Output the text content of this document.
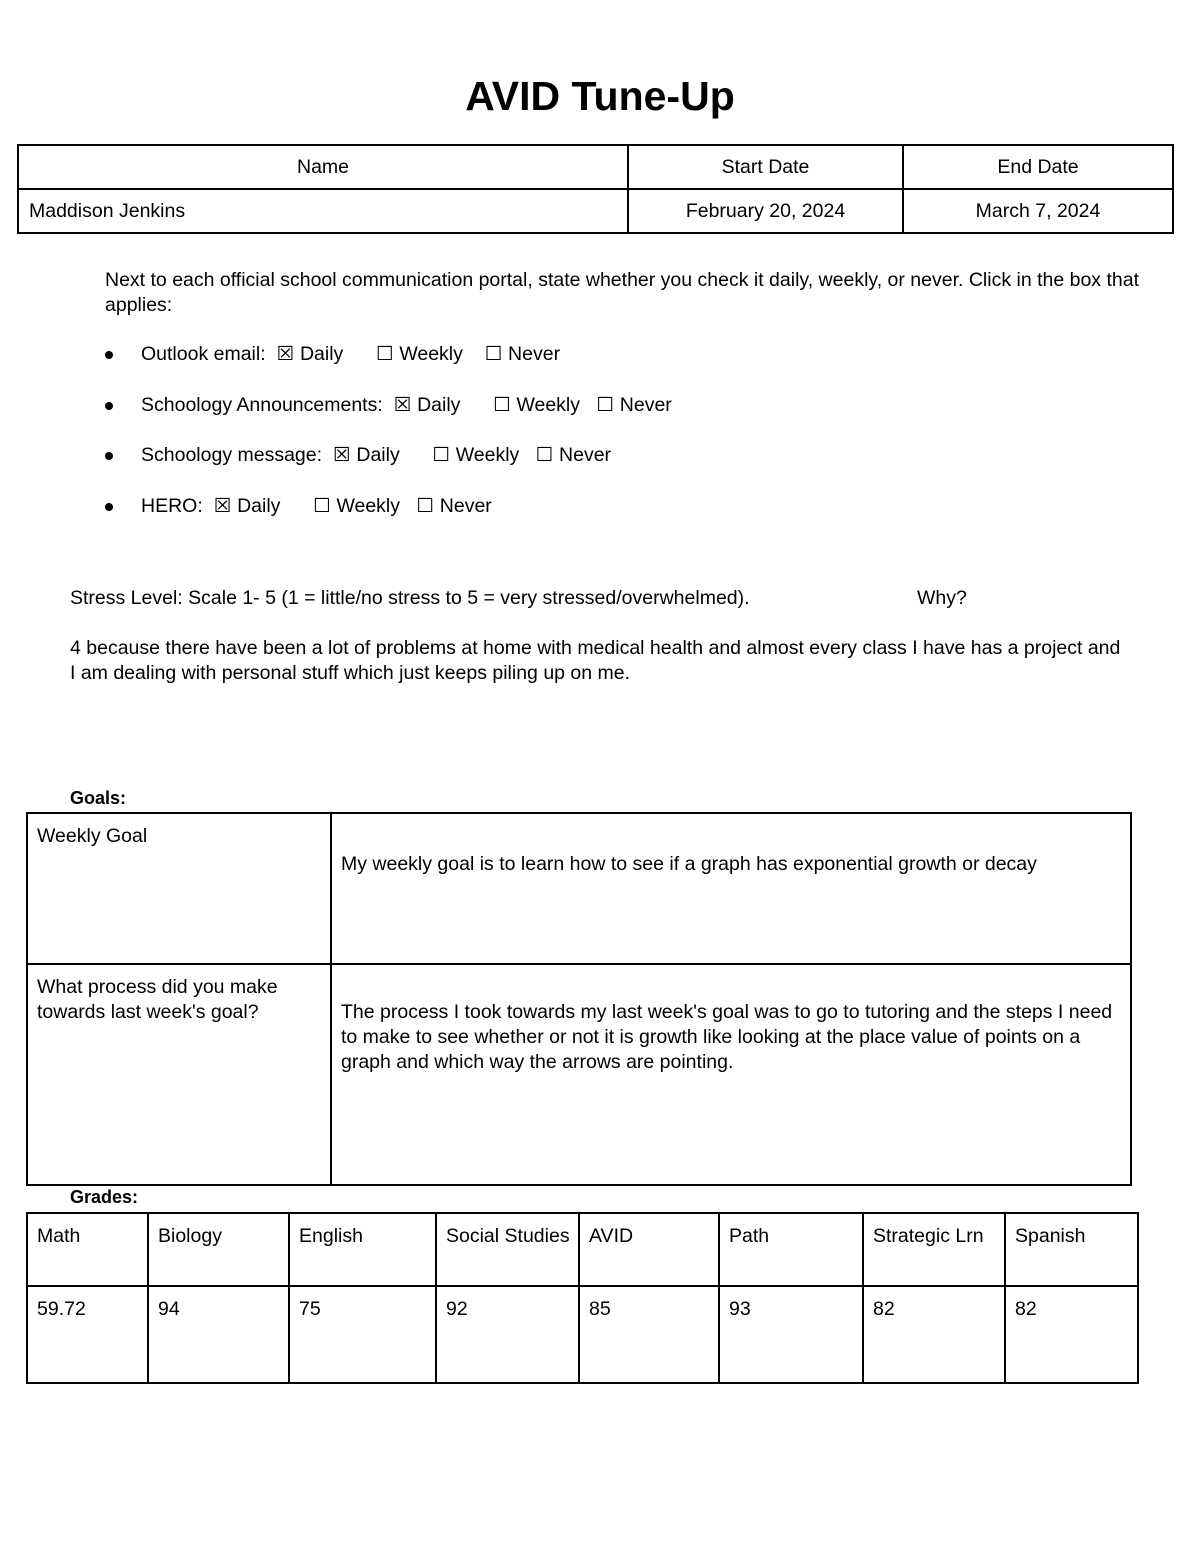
AVID Tune-Up
Name	Start Date	End Date
Maddison Jenkins	February 20, 2024	March 7, 2024
Next to each official school communication portal, state whether you check it daily, weekly, or never. Click in the box that applies:

Outlook email: ☒ Daily ☐ Weekly ☐ Never

Schoology Announcements: ☒ Daily ☐ Weekly ☐ Never

Schoology message: ☒ Daily ☐ Weekly ☐ Never

HERO: ☒ Daily ☐ Weekly ☐ Never

Stress Level: Scale 1- 5 (1 = little/no stress to 5 = very stressed/overwhelmed).	Why?
4 because there have been a lot of problems at home with medical health and almost every class I have has a project and I am dealing with personal stuff which just keeps piling up on me.
Goals:
Weekly Goal	My weekly goal is to learn how to see if a graph has exponential growth or decay
What process did you make towards last week's goal?	The process I took towards my last week's goal was to go to tutoring and the steps I need to make to see whether or not it is growth like looking at the place value of points on a graph and which way the arrows are pointing.
Grades:
Math	Biology	English	Social Studies	AVID	Path	Strategic Lrn	Spanish
59.72	94	75	92	85	93	82	82
